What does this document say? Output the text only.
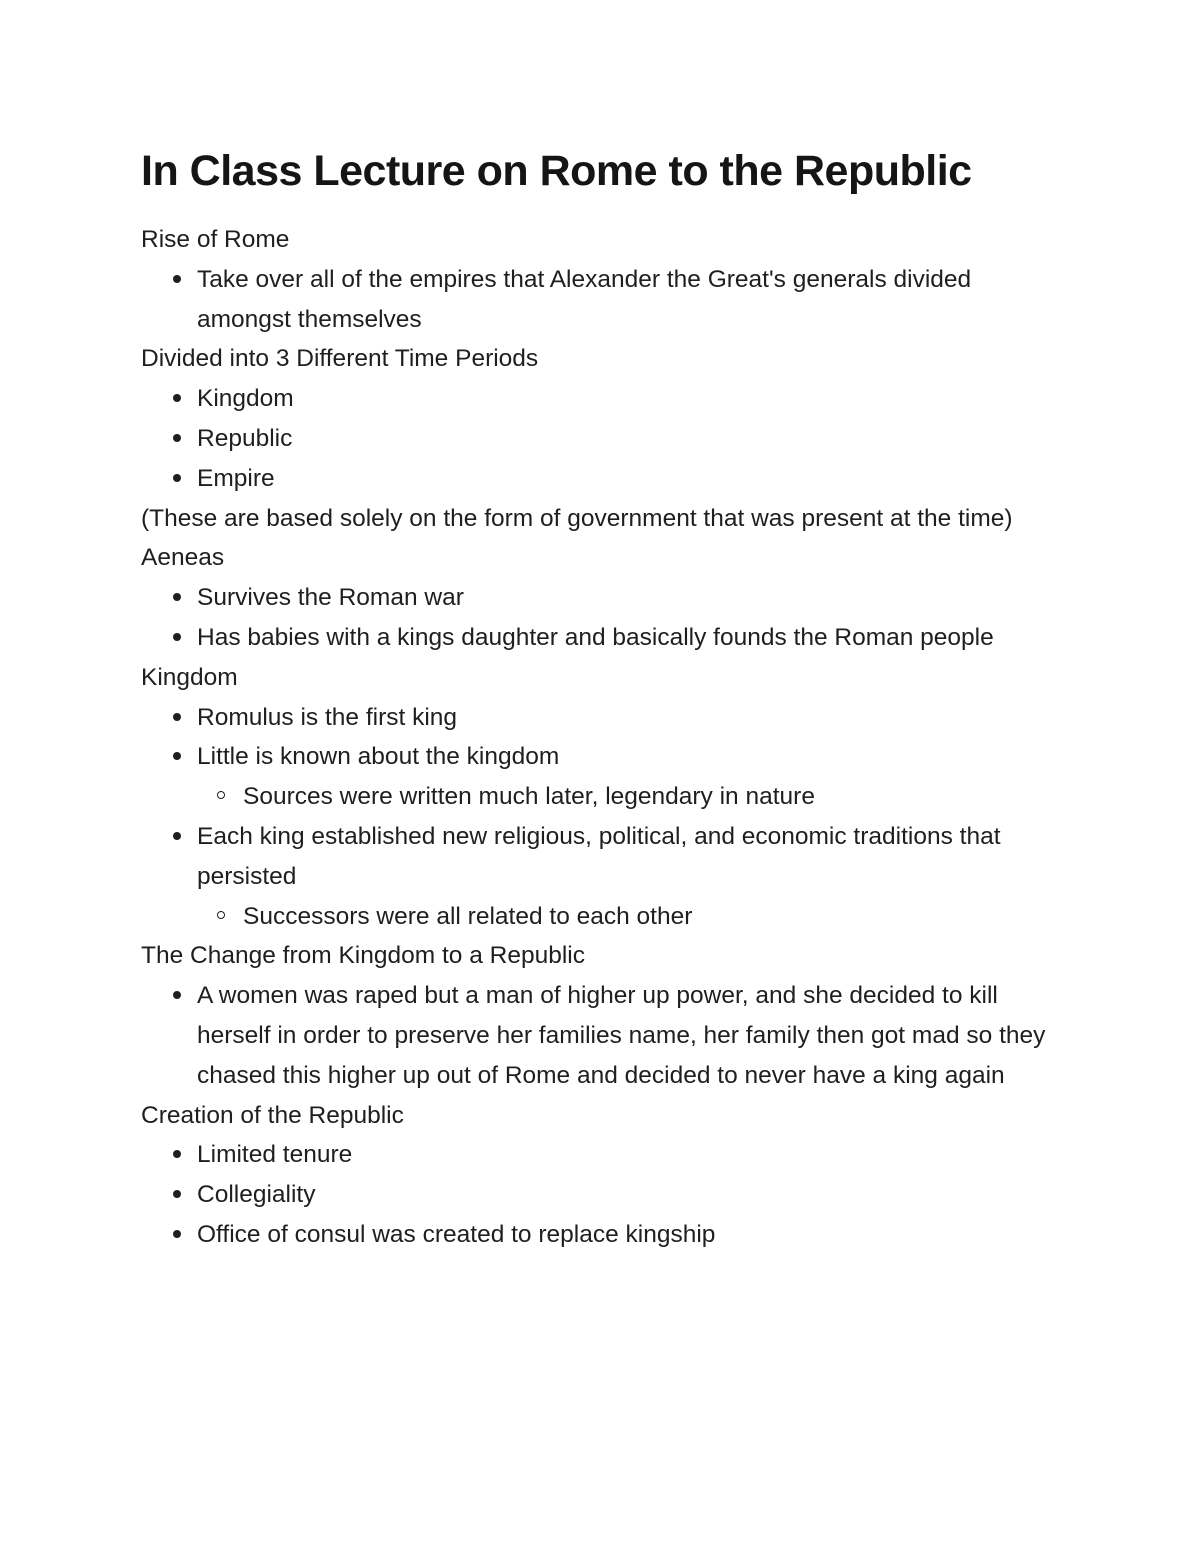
In Class Lecture on Rome to the Republic

Rise of Rome

Take over all of the empires that Alexander the Great's generals divided amongst themselves

Divided into 3 Different Time Periods

Kingdom
Republic
Empire

(These are based solely on the form of government that was present at the time)

Aeneas

Survives the Roman war
Has babies with a kings daughter and basically founds the Roman people

Kingdom

Romulus is the first king
Little is known about the kingdom
Sources were written much later, legendary in nature
Each king established new religious, political, and economic traditions that persisted
Successors were all related to each other

The Change from Kingdom to a Republic

A women was raped but a man of higher up power, and she decided to kill herself in order to preserve her families name, her family then got mad so they chased this higher up out of Rome and decided to never have a king again

Creation of the Republic

Limited tenure
Collegiality
Office of consul was created to replace kingship
